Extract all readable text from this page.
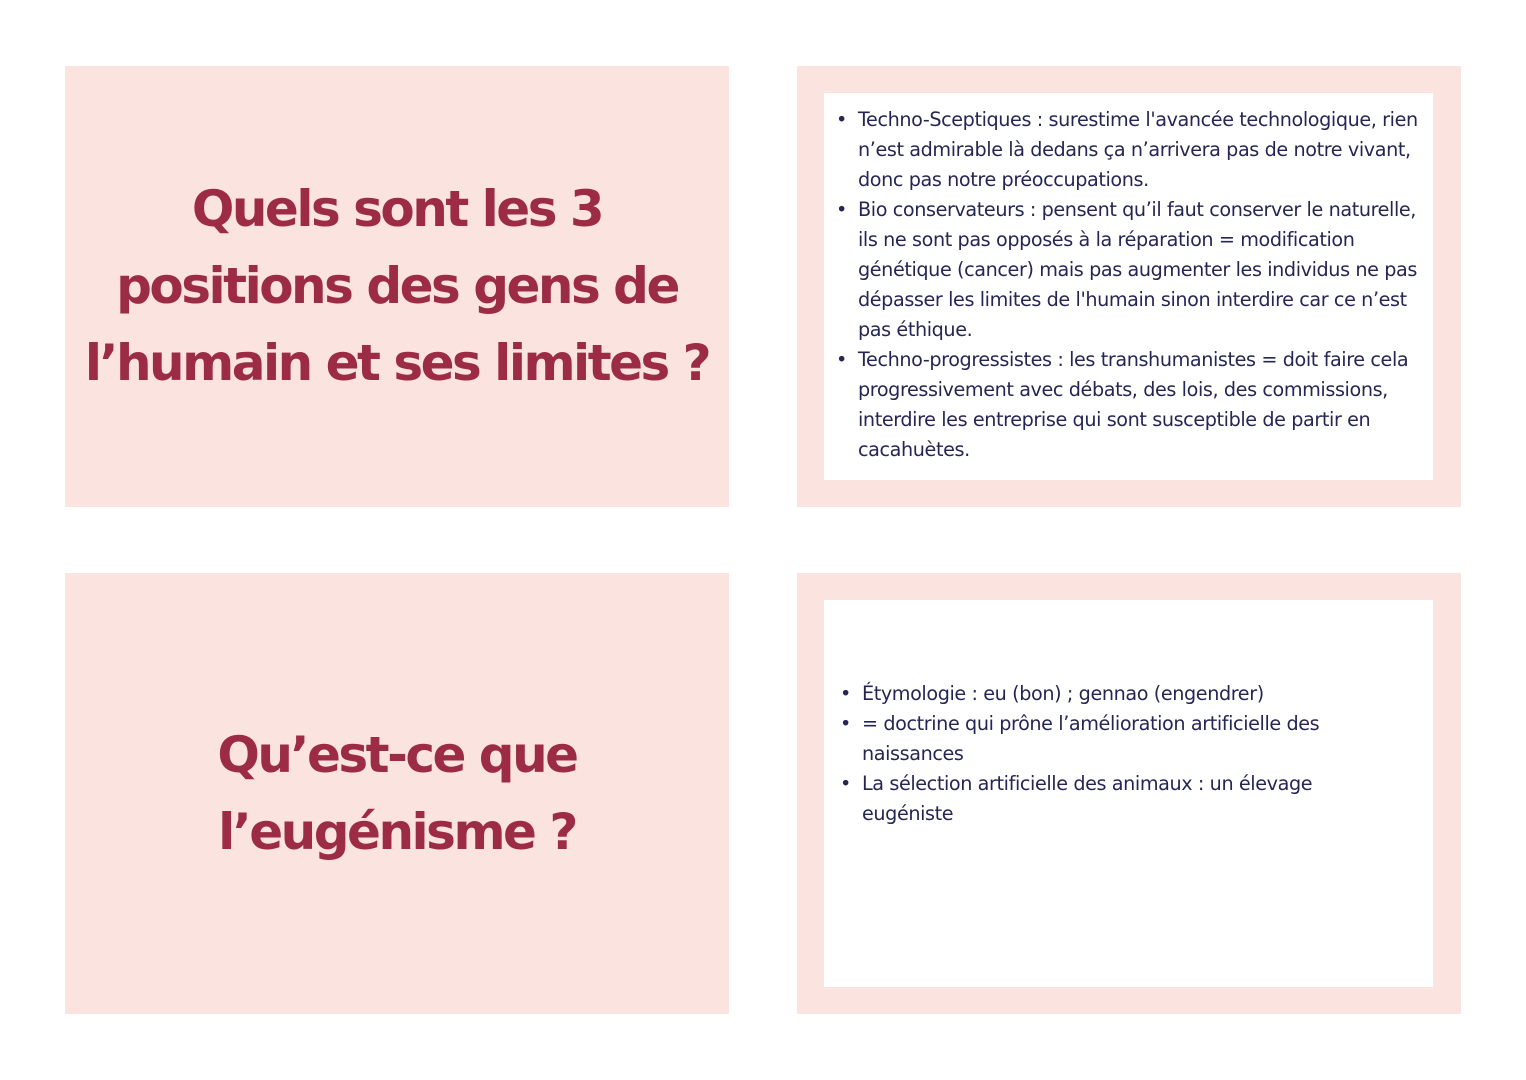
Quels sont les 3
positions des gens de
l’humain et ses limites ?

• Techno-Sceptiques : surestime l'avancée technologique, rien n’est admirable là dedans ça n’arrivera pas de notre vivant, donc pas notre préoccupations.
• Bio conservateurs : pensent qu’il faut conserver le naturelle, ils ne sont pas opposés à la réparation = modification génétique (cancer) mais pas augmenter les individus ne pas dépasser les limites de l'humain sinon interdire car ce n’est pas éthique.
• Techno-progressistes : les transhumanistes = doit faire cela progressivement avec débats, des lois, des commissions, interdire les entreprise qui sont susceptible de partir en cacahuètes.

Qu’est-ce que
l’eugénisme ?

• Étymologie : eu (bon) ; gennao (engendrer)
• = doctrine qui prône l’amélioration artificielle des naissances
• La sélection artificielle des animaux : un élevage eugéniste
